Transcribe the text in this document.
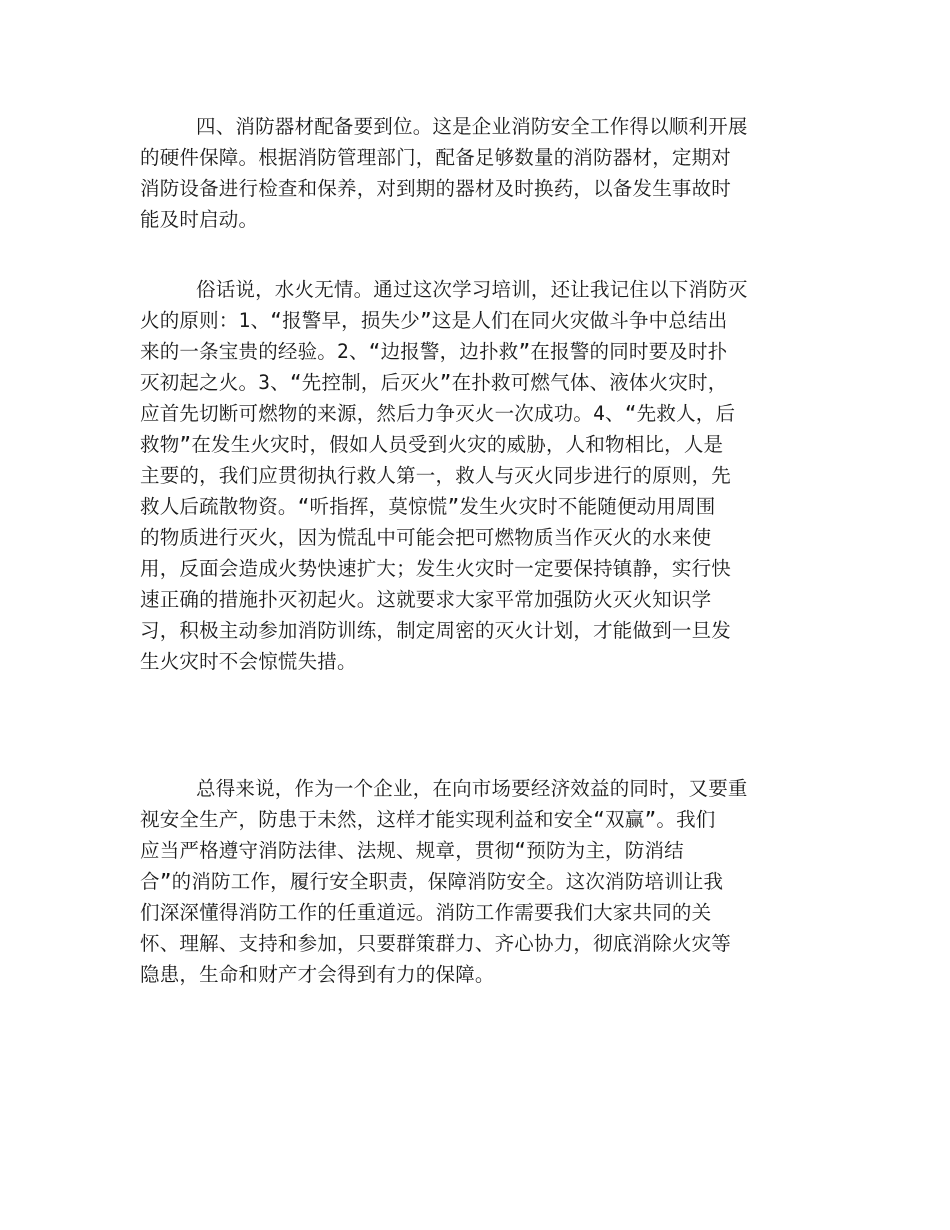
四、消防器材配备要到位。这是企业消防安全工作得以顺利开展
的硬件保障。根据消防管理部门，配备足够数量的消防器材，定期对
消防设备进行检查和保养，对到期的器材及时换药，以备发生事故时
能及时启动。
俗话说，水火无情。通过这次学习培训，还让我记住以下消防灭
火的原则：1、“报警早，损失少”这是人们在同火灾做斗争中总结出
来的一条宝贵的经验。2、“边报警，边扑救”在报警的同时要及时扑
灭初起之火。3、“先控制，后灭火”在扑救可燃气体、液体火灾时，
应首先切断可燃物的来源，然后力争灭火一次成功。4、“先救人，后
救物”在发生火灾时，假如人员受到火灾的威胁，人和物相比，人是
主要的，我们应贯彻执行救人第一，救人与灭火同步进行的原则，先
救人后疏散物资。“听指挥，莫惊慌”发生火灾时不能随便动用周围
的物质进行灭火，因为慌乱中可能会把可燃物质当作灭火的水来使
用，反面会造成火势快速扩大；发生火灾时一定要保持镇静，实行快
速正确的措施扑灭初起火。这就要求大家平常加强防火灭火知识学
习，积极主动参加消防训练，制定周密的灭火计划，才能做到一旦发
生火灾时不会惊慌失措。
总得来说，作为一个企业，在向市场要经济效益的同时，又要重
视安全生产，防患于未然，这样才能实现利益和安全“双赢”。我们
应当严格遵守消防法律、法规、规章，贯彻“预防为主，防消结
合”的消防工作，履行安全职责，保障消防安全。这次消防培训让我
们深深懂得消防工作的任重道远。消防工作需要我们大家共同的关
怀、理解、支持和参加，只要群策群力、齐心协力，彻底消除火灾等
隐患，生命和财产才会得到有力的保障。
